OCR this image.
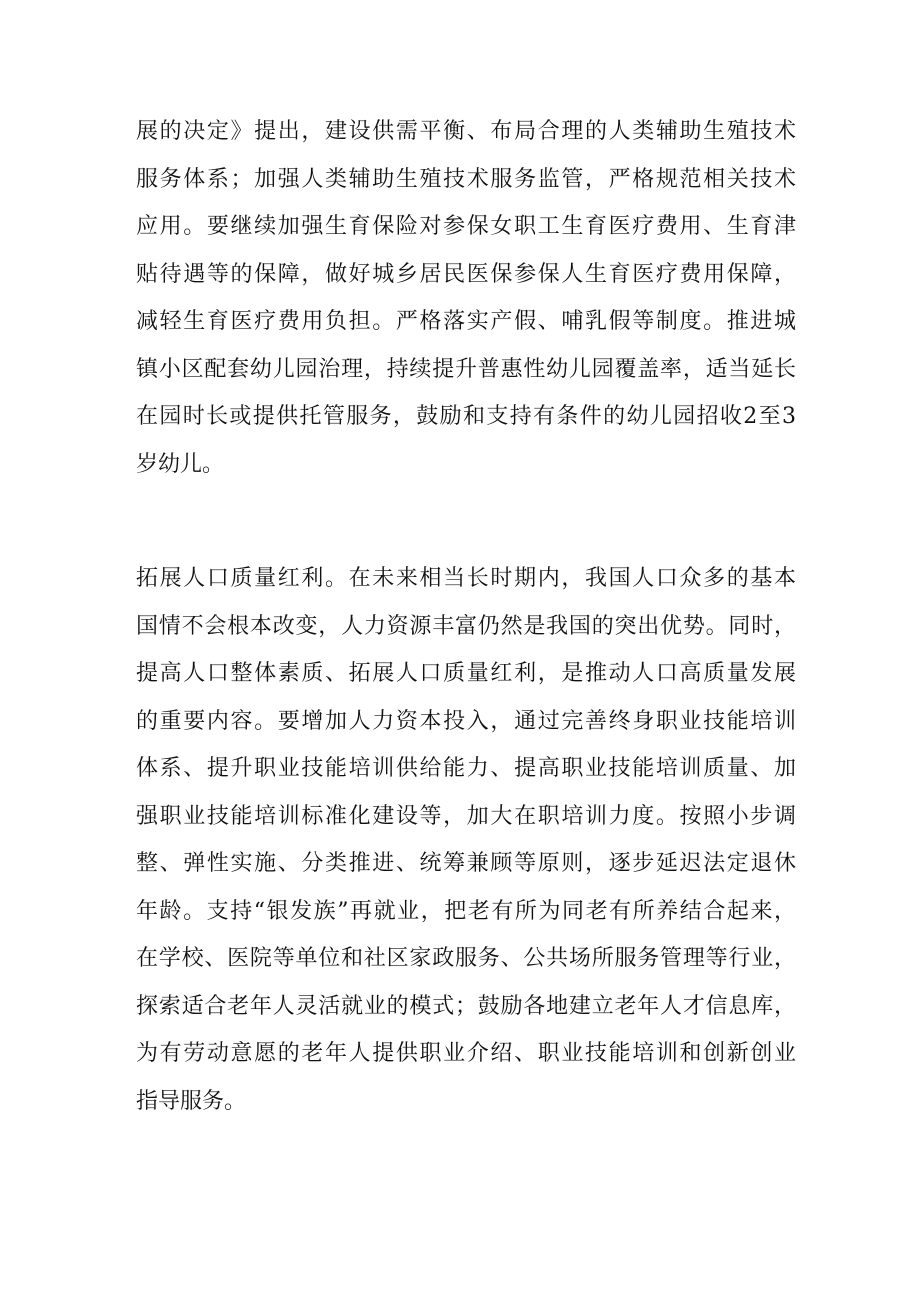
展的决定》提出，建设供需平衡、布局合理的人类辅助生殖技术
服务体系；加强人类辅助生殖技术服务监管，严格规范相关技术
应用。要继续加强生育保险对参保女职工生育医疗费用、生育津
贴待遇等的保障，做好城乡居民医保参保人生育医疗费用保障，
减轻生育医疗费用负担。严格落实产假、哺乳假等制度。推进城
镇小区配套幼儿园治理，持续提升普惠性幼儿园覆盖率，适当延长
在园时长或提供托管服务，鼓励和支持有条件的幼儿园招收2至3
岁幼儿。
拓展人口质量红利。在未来相当长时期内，我国人口众多的基本
国情不会根本改变，人力资源丰富仍然是我国的突出优势。同时，
提高人口整体素质、拓展人口质量红利，是推动人口高质量发展
的重要内容。要增加人力资本投入，通过完善终身职业技能培训
体系、提升职业技能培训供给能力、提高职业技能培训质量、加
强职业技能培训标准化建设等，加大在职培训力度。按照小步调
整、弹性实施、分类推进、统筹兼顾等原则，逐步延迟法定退休
年龄。支持“银发族”再就业，把老有所为同老有所养结合起来，
在学校、医院等单位和社区家政服务、公共场所服务管理等行业，
探索适合老年人灵活就业的模式；鼓励各地建立老年人才信息库，
为有劳动意愿的老年人提供职业介绍、职业技能培训和创新创业
指导服务。
